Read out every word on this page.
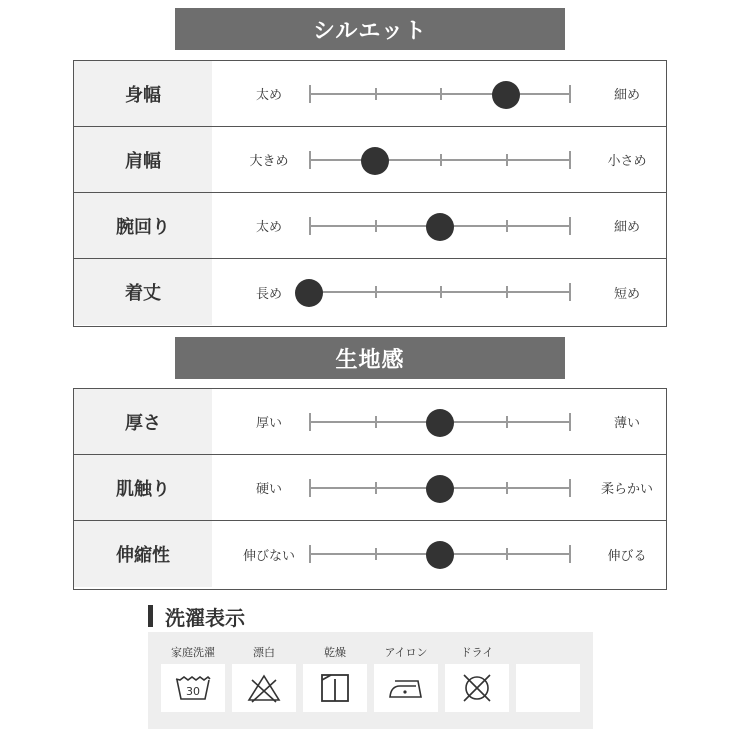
シルエット
身幅	太め	細め
肩幅	大きめ	小さめ
腕回り	太め	細め
着丈	長め	短め
生地感
厚さ	厚い	薄い
肌触り	硬い	柔らかい
伸縮性	伸びない	伸びる
洗濯表示
家庭洗濯
30
漂白	乾燥	アイロン	ドライ
